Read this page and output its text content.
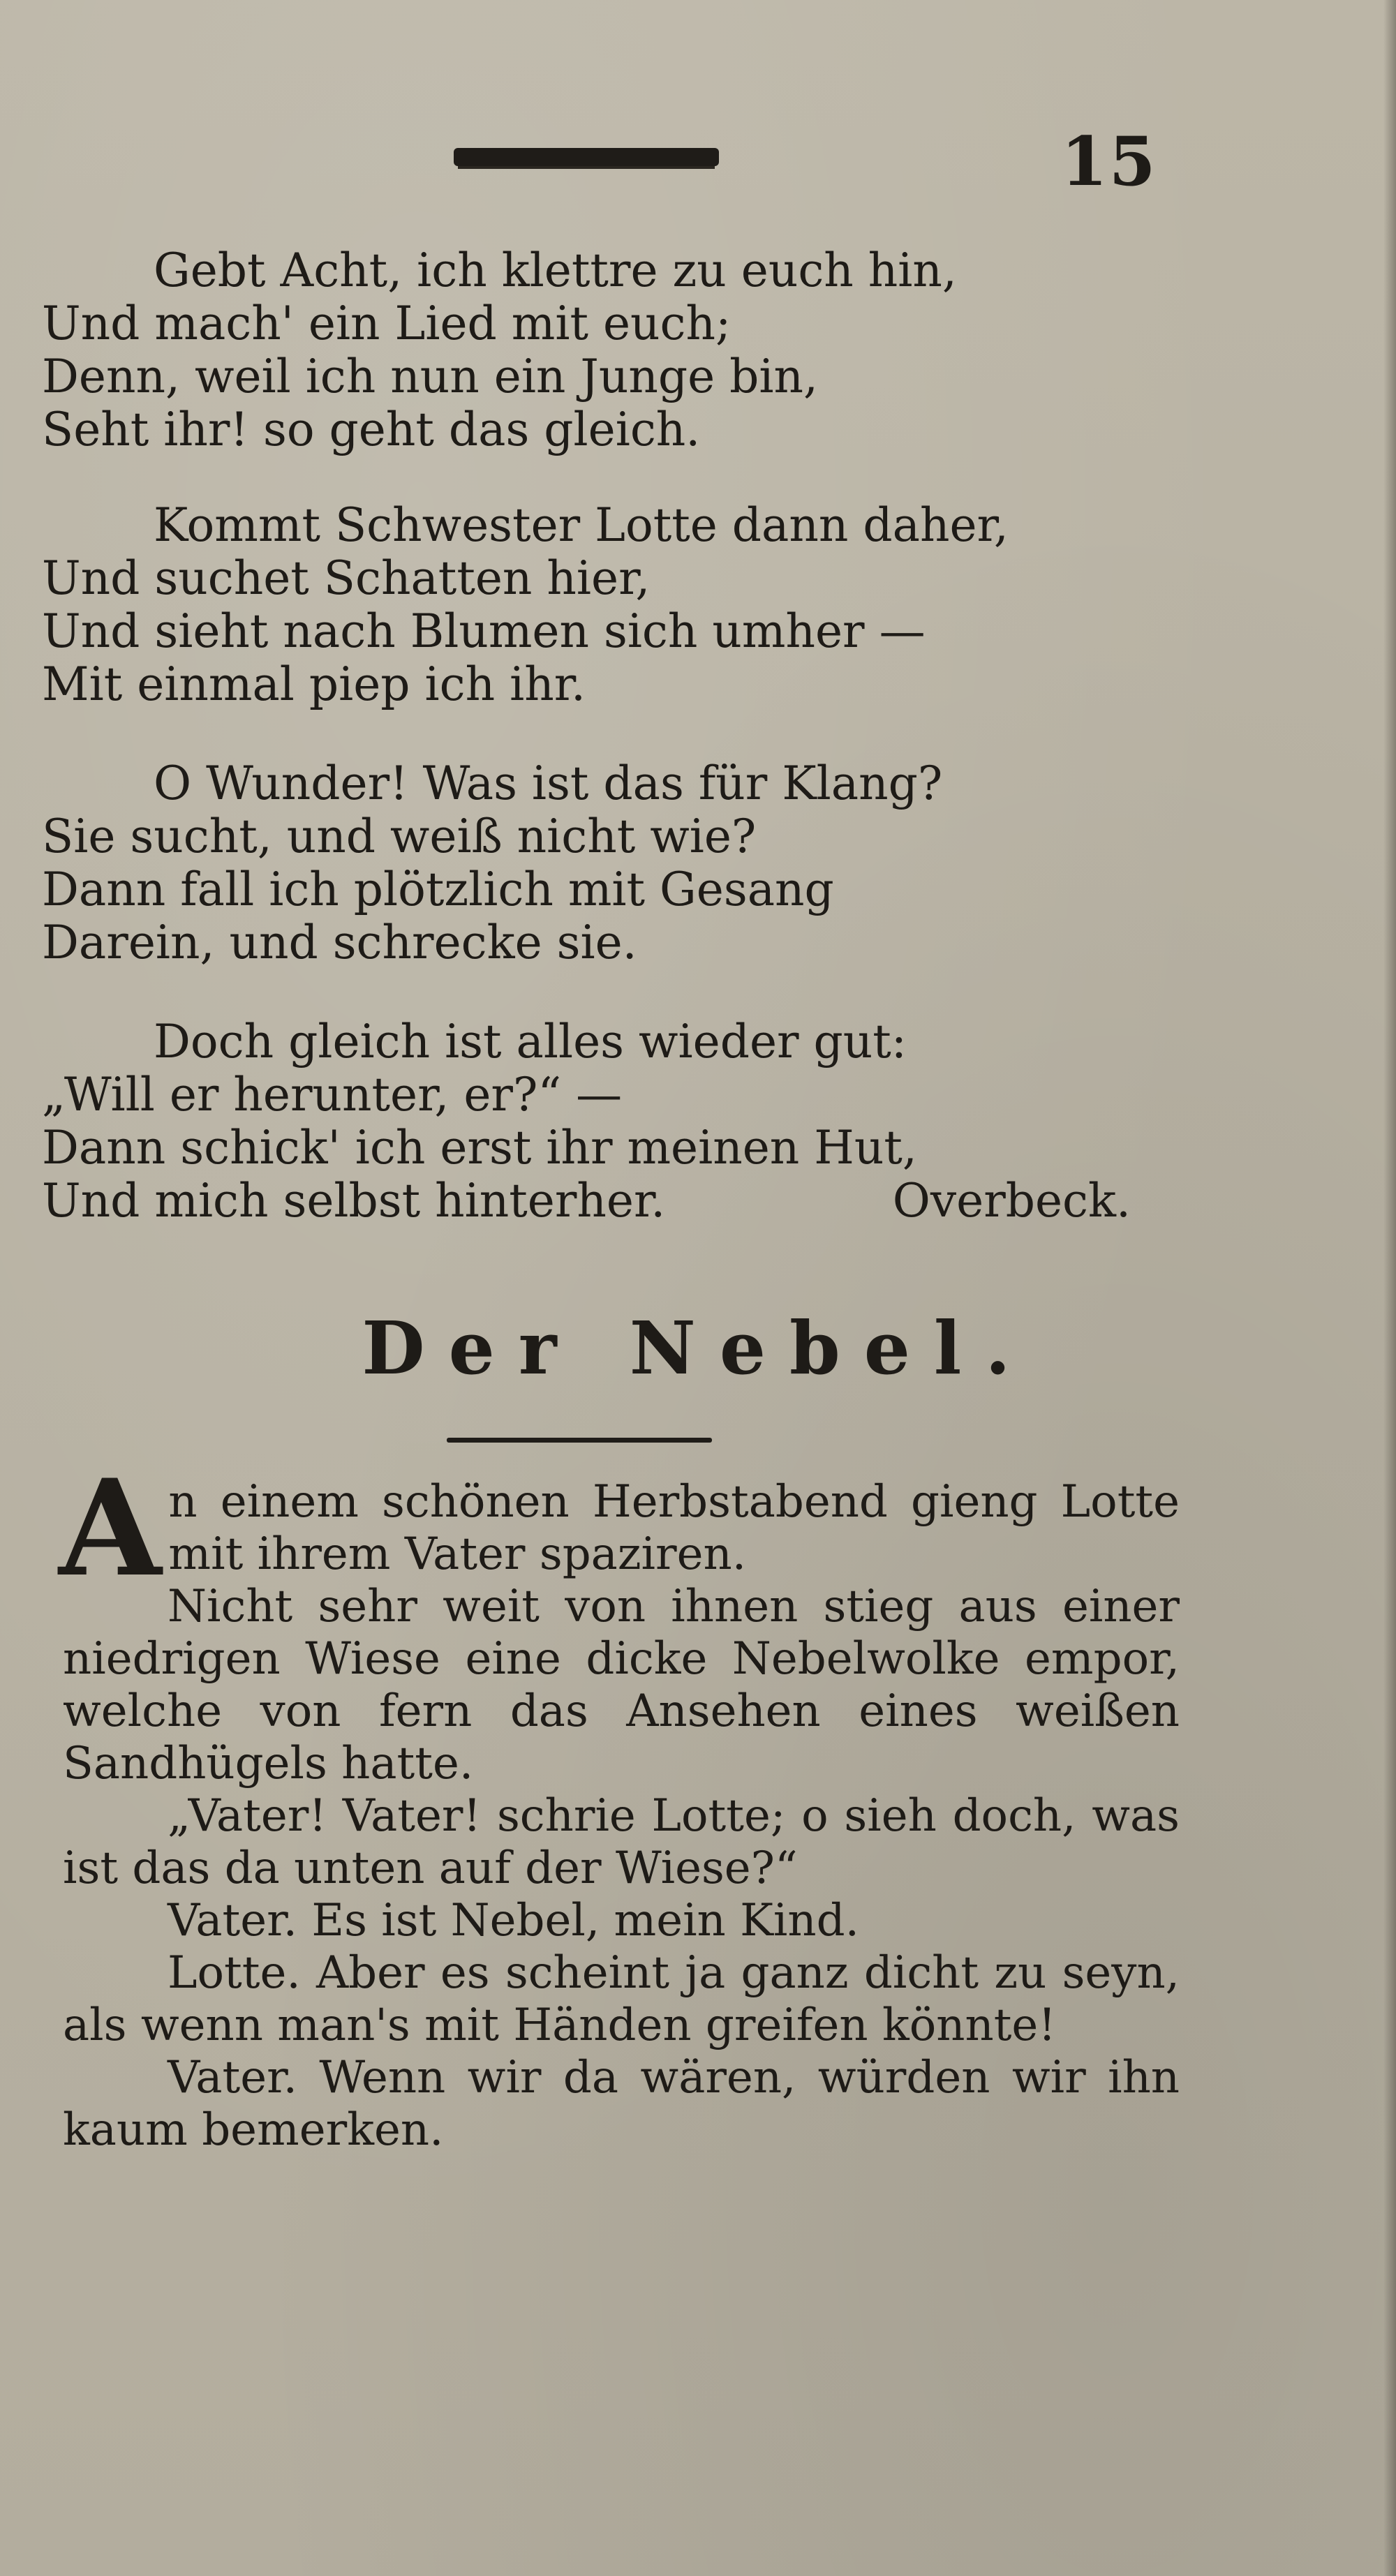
15
Gebt Acht, ich klettre zu euch hin,
Und mach' ein Lied mit euch;
Denn, weil ich nun ein Junge bin,
Seht ihr! so geht das gleich.
Kommt Schwester Lotte dann daher,
Und suchet Schatten hier,
Und sieht nach Blumen sich umher —
Mit einmal piep ich ihr.
O Wunder! Was ist das für Klang?
Sie sucht, und weiß nicht wie?
Dann fall ich plötzlich mit Gesang
Darein, und schrecke sie.
Doch gleich ist alles wieder gut:
„Will er herunter, er?“ —
Dann schick' ich erst ihr meinen Hut,
Und mich selbst hinterher.	Overbeck.
Der Nebel.

An einem schönen Herbstabend gieng Lotte mit ihrem Vater spaziren.

Nicht sehr weit von ihnen stieg aus einer niedrigen Wiese eine dicke Nebelwolke empor, welche von fern das Ansehen eines weißen Sandhügels hatte.

„Vater! Vater! schrie Lotte; o sieh doch, was ist das da unten auf der Wiese?“

Vater. Es ist Nebel, mein Kind.

Lotte. Aber es scheint ja ganz dicht zu seyn, als wenn man's mit Händen greifen könnte!

Vater. Wenn wir da wären, würden wir ihn kaum bemerken.
